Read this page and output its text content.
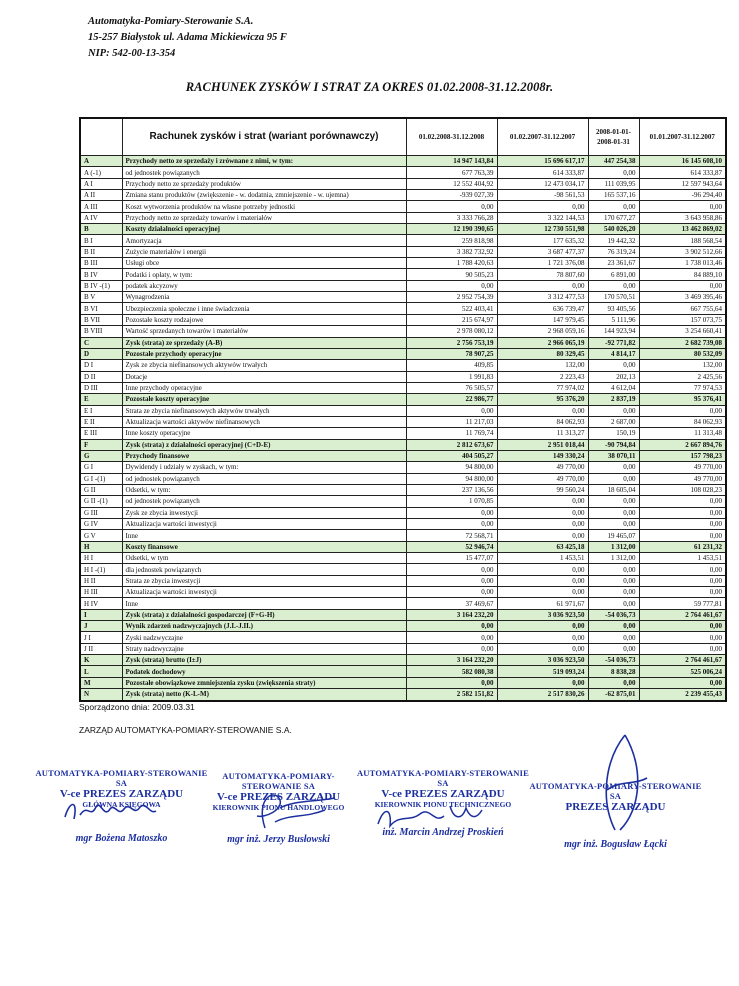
Automatyka-Pomiary-Sterowanie S.A.
15-257 Białystok ul. Adama Mickiewicza 95 F
NIP: 542-00-13-354
RACHUNEK ZYSKÓW I STRAT ZA OKRES 01.02.2008-31.12.2008r.
	Rachunek zysków i strat (wariant porównawczy)	01.02.2008-31.12.2008	01.02.2007-31.12.2007	2008-01-01-
2008-01-31	01.01.2007-31.12.2007
A	Przychody netto ze sprzedaży i zrównane z nimi, w tym:	14 947 143,84	15 696 617,17	447 254,38	16 145 608,10
A (-1)	od jednostek powiązanych	677 763,39	614 333,87	0,00	614 333,87
A I	Przychody netto ze sprzedaży produktów	12 552 404,92	12 473 034,17	111 039,95	12 597 943,64
A II	Zmiana stanu produktów (zwiększenie - w. dodatnia, zmniejszenie - w. ujemna)	-939 027,39	-98 561,53	165 537,16	-96 294,40
A III	Koszt wytworzenia produktów na własne potrzeby jednostki	0,00	0,00	0,00	0,00
A IV	Przychody netto ze sprzedaży towarów i materiałów	3 333 766,28	3 322 144,53	170 677,27	3 643 958,86
B	Koszty działalności operacyjnej	12 190 390,65	12 730 551,98	540 026,20	13 462 869,02
B I	Amortyzacja	259 818,98	177 635,32	19 442,32	188 568,54
B II	Zużycie materiałów i energii	3 382 732,92	3 687 477,37	76 319,24	3 902 512,66
B III	Usługi obce	1 788 420,63	1 721 376,08	23 361,67	1 738 013,46
B IV	Podatki i opłaty, w tym:	90 505,23	78 807,60	6 891,00	84 889,10
B IV -(1)	podatek akcyzowy	0,00	0,00	0,00	0,00
B V	Wynagrodzenia	2 952 754,39	3 312 477,53	170 570,51	3 469 395,46
B VI	Ubezpieczenia społeczne i inne świadczenia	522 403,41	636 739,47	93 405,56	667 755,64
B VII	Pozostałe koszty rodzajowe	215 674,97	147 979,45	5 111,96	157 073,75
B VIII	Wartość sprzedanych towarów i materiałów	2 978 080,12	2 968 059,16	144 923,94	3 254 660,41
C	Zysk (strata) ze sprzedaży (A-B)	2 756 753,19	2 966 065,19	-92 771,82	2 682 739,08
D	Pozostałe przychody operacyjne	78 907,25	80 329,45	4 814,17	80 532,09
D I	Zysk ze zbycia niefinansowych aktywów trwałych	409,85	132,00	0,00	132,00
D II	Dotacje	1 991,83	2 223,43	202,13	2 425,56
D III	Inne przychody operacyjne	76 505,57	77 974,02	4 612,04	77 974,53
E	Pozostałe koszty operacyjne	22 986,77	95 376,20	2 837,19	95 376,41
E I	Strata ze zbycia niefinansowych aktywów trwałych	0,00	0,00	0,00	0,00
E II	Aktualizacja wartości aktywów niefinansowych	11 217,03	84 062,93	2 687,00	84 062,93
E III	Inne koszty operacyjne	11 769,74	11 313,27	150,19	11 313,48
F	Zysk (strata) z działalności operacyjnej (C+D-E)	2 812 673,67	2 951 018,44	-90 794,84	2 667 894,76
G	Przychody finansowe	404 505,27	149 330,24	38 070,11	157 798,23
G I	Dywidendy i udziały w zyskach, w tym:	94 800,00	49 770,00	0,00	49 770,00
G I -(1)	od jednostek powiązanych	94 800,00	49 770,00	0,00	49 770,00
G II	Odsetki, w tym:	237 136,56	99 560,24	18 605,04	108 028,23
G II -(1)	od jednostek powiązanych	1 070,85	0,00	0,00	0,00
G III	Zysk ze zbycia inwestycji	0,00	0,00	0,00	0,00
G IV	Aktualizacja wartości inwestycji	0,00	0,00	0,00	0,00
G V	Inne	72 568,71	0,00	19 465,07	0,00
H	Koszty finansowe	52 946,74	63 425,18	1 312,00	61 231,32
H I	Odsetki, w tym	15 477,07	1 453,51	1 312,00	1 453,51
H I -(1)	dla jednostek powiązanych	0,00	0,00	0,00	0,00
H II	Strata ze zbycia inwestycji	0,00	0,00	0,00	0,00
H III	Aktualizacja wartości inwestycji	0,00	0,00	0,00	0,00
H IV	Inne	37 469,67	61 971,67	0,00	59 777,81
I	Zysk (strata) z działalności gospodarczej (F+G-H)	3 164 232,20	3 036 923,50	-54 036,73	2 764 461,67
J	Wynik zdarzeń nadzwyczajnych (J.I.-J.II.)	0,00	0,00	0,00	0,00
J I	Zyski nadzwyczajne	0,00	0,00	0,00	0,00
J II	Straty nadzwyczajne	0,00	0,00	0,00	0,00
K	Zysk (strata) brutto (I±J)	3 164 232,20	3 036 923,50	-54 036,73	2 764 461,67
L	Podatek dochodowy	582 080,38	519 093,24	8 838,28	525 006,24
M	Pozostałe obowiązkowe zmniejszenia zysku (zwiększenia straty)	0,00	0,00	0,00	0,00
N	Zysk (strata) netto (K-L-M)	2 582 151,82	2 517 830,26	-62 875,01	2 239 455,43
Sporządzono dnia: 2009.03.31
ZARZĄD AUTOMATYKA-POMIARY-STEROWANIE S.A.
AUTOMATYKA-POMIARY-STEROWANIE SA
V-ce PREZES ZARZĄDU
GŁÓWNA KSIĘGOWA
mgr Bożena Matoszko
AUTOMATYKA-POMIARY-STEROWANIE SA
V-ce PREZES ZARZĄDU
KIEROWNIK PIONU HANDLOWEGO
mgr inż. Jerzy Busłowski
AUTOMATYKA-POMIARY-STEROWANIE SA
V-ce PREZES ZARZĄDU
KIEROWNIK PIONU TECHNICZNEGO
inż. Marcin Andrzej Proskień
AUTOMATYKA-POMIARY-STEROWANIE SA
PREZES ZARZĄDU
mgr inż. Bogusław Łącki
